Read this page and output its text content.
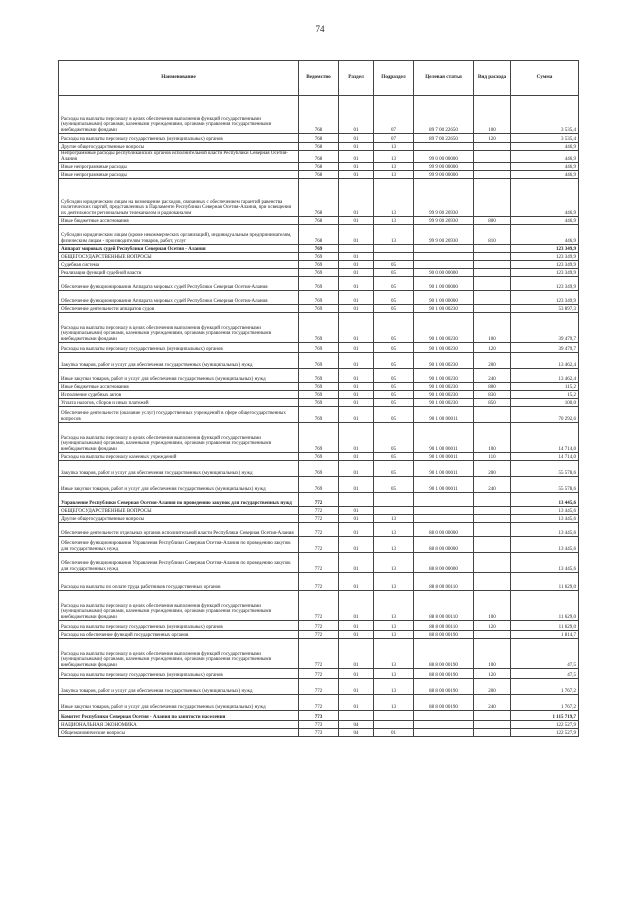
74
Наименование	Ведомство	Раздел	Подраздел	Целевая статья	Вид расхода	Сумма
Расходы на выплаты персоналу в целях обеспечения выполнения функций государственными (муниципальными) органами, казенными учреждениями, органами управления государственными внебюджетными фондами	768	01	07	89 7 00 22650	100	3 535,4
Расходы на выплаты персоналу государственных (муниципальных) органов	768	01	07	89 7 00 22650	120	3 535,4
Другие общегосударственные вопросы	768	01	13			446,9
Непрограммные расходы республиканских органов исполнительной власти Республики Северная Осетия-Алания	768	01	13	99 0 00 00000		446,9
Иные непрограммные расходы	768	01	13	99 9 00 00000		446,9
Иные непрограммные расходы	768	01	13	99 9 00 00000		446,9
Субсидии юридическим лицам на возмещение расходов, связанных с обеспечением гарантий равенства политических партий, представленных в Парламенте Республики Северная Осетия-Алания, при освещении их деятельности региональным телеканалом и радиоканалом	768	01	13	99 9 00 26930		446,9
Иные бюджетные ассигнования	768	01	13	99 9 00 26930	800	446,9
Субсидии юридическим лицам (кроме некоммерческих организаций), индивидуальным предпринимателям, физическим лицам - производителям товаров, работ, услуг	768	01	13	99 9 00 26930	810	446,9
Аппарат мировых судей Республики Северная Осетия - Алания	769					123 349,9
ОБЩЕГОСУДАРСТВЕННЫЕ ВОПРОСЫ	769	01				123 349,9
Судебная система	769	01	05			123 349,9
Реализация функций судебной власти	769	01	05	90 0 00 00000		123 349,9
Обеспечение функционирования Аппарата мировых судей Республики Северная Осетия-Алания	769	01	05	90 1 00 00000		123 349,9
Обеспечение функционирования Аппарата мировых судей Республики Северная Осетия-Алания	769	01	05	90 1 00 00000		123 349,9
Обеспечение деятельности аппаратов судов	769	01	05	90 1 00 00230		53 897,3
Расходы на выплаты персоналу в целях обеспечения выполнения функций государственными (муниципальными) органами, казенными учреждениями, органами управления государственными внебюджетными фондами	769	01	05	90 1 00 00230	100	39 479,7
Расходы на выплаты персоналу государственных (муниципальных) органов	769	01	05	90 1 00 00230	120	39 479,7
Закупка товаров, работ и услуг для обеспечения государственных (муниципальных) нужд	769	01	05	90 1 00 00230	200	13 462,4
Иные закупки товаров, работ и услуг для обеспечения государственных (муниципальных) нужд	769	01	05	90 1 00 00230	240	13 462,4
Иные бюджетные ассигнования	769	01	05	90 1 00 00230	800	115,2
Исполнение судебных актов	769	01	05	90 1 00 00230	830	15,2
Уплата налогов, сборов и иных платежей	769	01	05	90 1 00 00230	850	100,0
Обеспечение деятельности (оказание услуг) государственных учреждений в сфере общегосударственных вопросов	769	01	05	90 1 00 00011		70 292,6
Расходы на выплаты персоналу в целях обеспечения выполнения функций государственными (муниципальными) органами, казенными учреждениями, органами управления государственными внебюджетными фондами	769	01	05	90 1 00 00011	100	14 714,0
Расходы на выплаты персоналу казенных учреждений	769	01	05	90 1 00 00011	110	14 714,0
Закупка товаров, работ и услуг для обеспечения государственных (муниципальных) нужд	769	01	05	90 1 00 00011	200	55 578,6
Иные закупки товаров, работ и услуг для обеспечения государственных (муниципальных) нужд	769	01	05	90 1 00 00011	240	55 578,6
Управление Республики Северная Осетия-Алания по проведению закупок для государственных нужд	772					13 445,6
ОБЩЕГОСУДАРСТВЕННЫЕ ВОПРОСЫ	772	01				13 445,6
Другие общегосударственные вопросы	772	01	13			13 445,6
Обеспечение деятельности отдельных органов исполнительной власти Республики Северная Осетия-Алания	772	01	13	88 0 00 00000		13 445,6
Обеспечение функционирования Управления Республики Северная Осетия-Алания по проведению закупок для государственных нужд	772	01	13	88 8 00 00000		13 445,6
Обеспечение функционирования Управления Республики Северная Осетия-Алания по проведению закупок для государственных нужд	772	01	13	88 8 00 00000		13 445,6
Расходы на выплаты по оплате труда работников государственных органов	772	01	13	88 8 00 00110		11 629,0
Расходы на выплаты персоналу в целях обеспечения выполнения функций государственными (муниципальными) органами, казенными учреждениями, органами управления государственными внебюджетными фондами	772	01	13	88 8 00 00110	100	11 629,0
Расходы на выплаты персоналу государственных (муниципальных) органов	772	01	13	88 8 00 00110	120	11 629,0
Расходы на обеспечение функций государственных органов	772	01	13	88 8 00 00190		1 814,7
Расходы на выплаты персоналу в целях обеспечения выполнения функций государственными (муниципальными) органами, казенными учреждениями, органами управления государственными внебюджетными фондами	772	01	13	88 8 00 00190	100	47,5
Расходы на выплаты персоналу государственных (муниципальных) органов	772	01	13	88 8 00 00190	120	47,5
Закупка товаров, работ и услуг для обеспечения государственных (муниципальных) нужд	772	01	13	88 8 00 00190	200	1 767,2
Иные закупки товаров, работ и услуг для обеспечения государственных (муниципальных) нужд	772	01	13	88 8 00 00190	240	1 767,2
Комитет Республики Северная Осетия - Алания по занятости населения	773					1 115 719,7
НАЦИОНАЛЬНАЯ ЭКОНОМИКА	773	04				122 527,9
Общеэкономические вопросы	773	04	01			122 527,9
